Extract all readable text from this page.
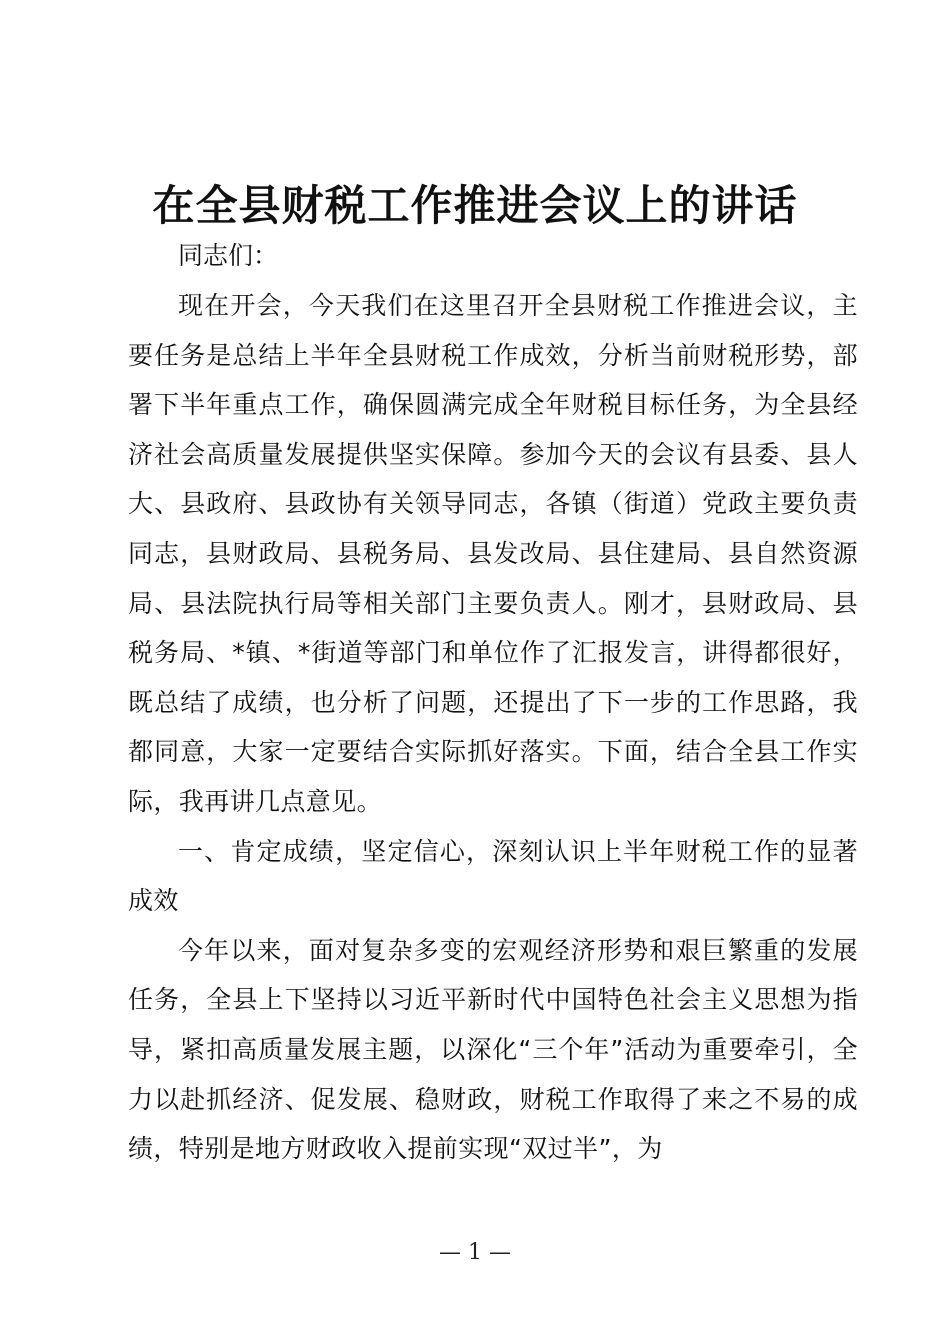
在全县财税工作推进会议上的讲话

同志们：

现在开会，今天我们在这里召开全县财税工作推进会议，主要任务是总结上半年全县财税工作成效，分析当前财税形势，部署下半年重点工作，确保圆满完成全年财税目标任务，为全县经济社会高质量发展提供坚实保障。参加今天的会议有县委、县人大、县政府、县政协有关领导同志，各镇（街道）党政主要负责同志，县财政局、县税务局、县发改局、县住建局、县自然资源局、县法院执行局等相关部门主要负责人。刚才，县财政局、县税务局、*镇、*街道等部门和单位作了汇报发言，讲得都很好，既总结了成绩，也分析了问题，还提出了下一步的工作思路，我都同意，大家一定要结合实际抓好落实。下面，结合全县工作实际，我再讲几点意见。

一、肯定成绩，坚定信心，深刻认识上半年财税工作的显著成效

今年以来，面对复杂多变的宏观经济形势和艰巨繁重的发展任务，全县上下坚持以习近平新时代中国特色社会主义思想为指导，紧扣高质量发展主题，以深化“三个年”活动为重要牵引，全力以赴抓经济、促发展、稳财政，财税工作取得了来之不易的成绩，特别是地方财政收入提前实现“双过半”，为

— 1 —
